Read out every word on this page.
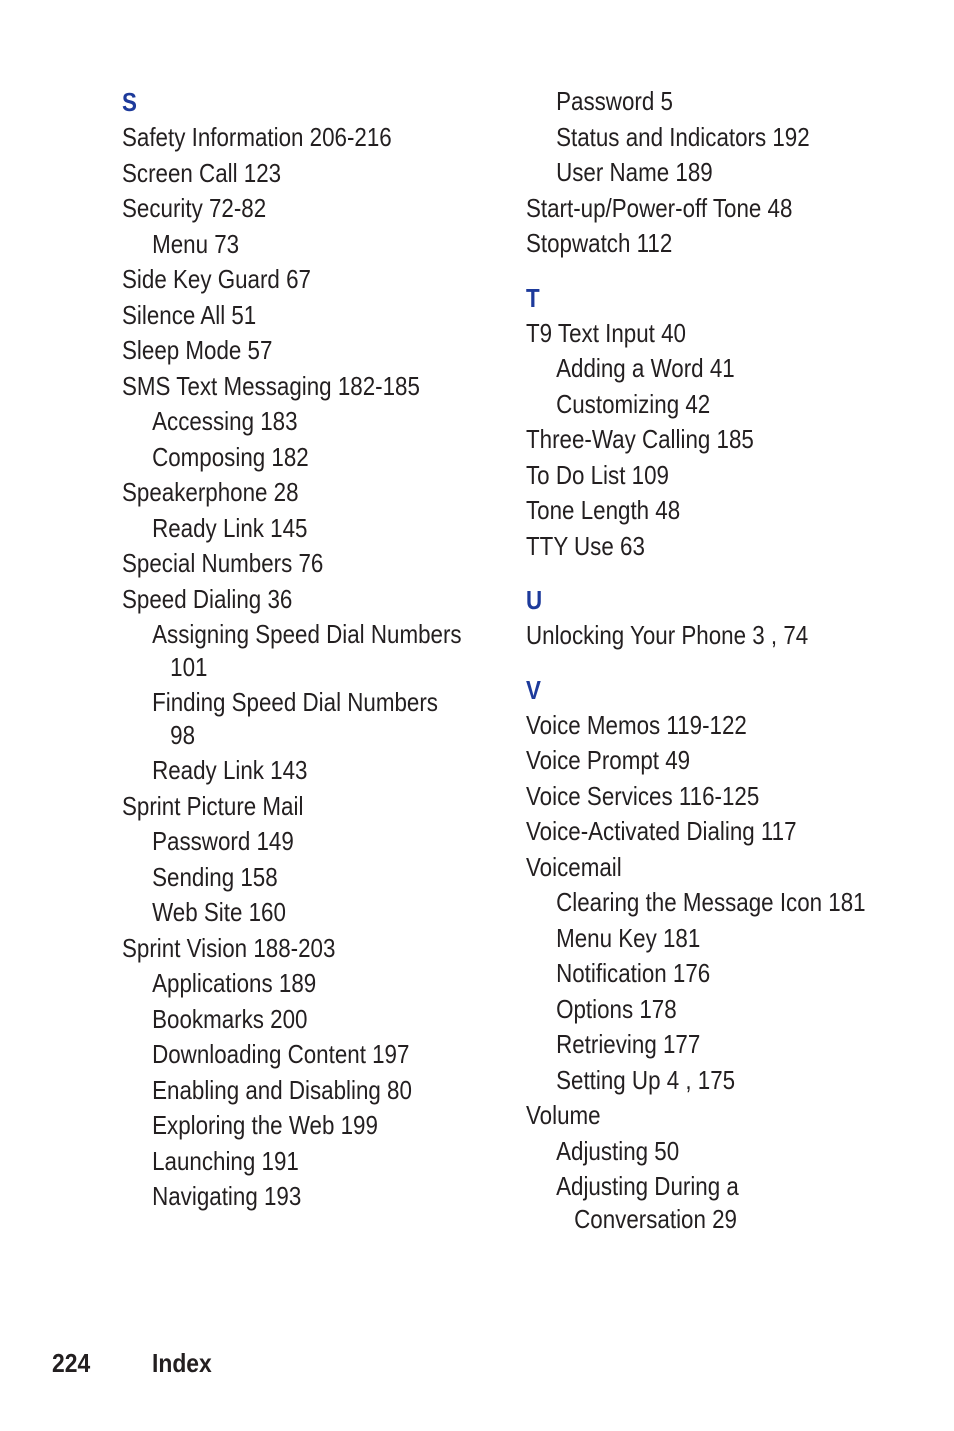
S
Safety Information 206-216
Screen Call 123
Security 72-82
Menu 73
Side Key Guard 67
Silence All 51
Sleep Mode 57
SMS Text Messaging 182-185
Accessing 183
Composing 182
Speakerphone 28
Ready Link 145
Special Numbers 76
Speed Dialing 36
Assigning Speed Dial Numbers
101
Finding Speed Dial Numbers
98
Ready Link 143
Sprint Picture Mail
Password 149
Sending 158
Web Site 160
Sprint Vision 188-203
Applications 189
Bookmarks 200
Downloading Content 197
Enabling and Disabling 80
Exploring the Web 199
Launching 191
Navigating 193
Password 5
Status and Indicators 192
User Name 189
Start-up/Power-off Tone 48
Stopwatch 112
T
T9 Text Input 40
Adding a Word 41
Customizing 42
Three-Way Calling 185
To Do List 109
Tone Length 48
TTY Use 63
U
Unlocking Your Phone 3 , 74
V
Voice Memos 119-122
Voice Prompt 49
Voice Services 116-125
Voice-Activated Dialing 117
Voicemail
Clearing the Message Icon 181
Menu Key 181
Notification 176
Options 178
Retrieving 177
Setting Up 4 , 175
Volume
Adjusting 50
Adjusting During a
Conversation 29
224 Index
